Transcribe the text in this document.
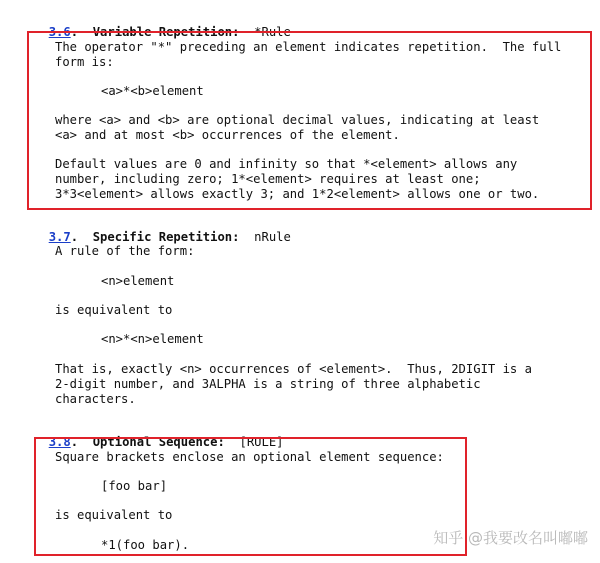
3.6.  Variable Repetition: *Rule

The operator "*" preceding an element indicates repetition.  The full
form is:
<a>*<b>element
where <a> and <b> are optional decimal values, indicating at least
<a> and at most <b> occurrences of the element.
Default values are 0 and infinity so that *<element> allows any
number, including zero; 1*<element> requires at least one;
3*3<element> allows exactly 3; and 1*2<element> allows one or two.

3.7.  Specific Repetition: nRule

A rule of the form:
<n>element
is equivalent to
<n>*<n>element
That is, exactly <n> occurrences of <element>.  Thus, 2DIGIT is a
2-digit number, and 3ALPHA is a string of three alphabetic
characters.

3.8.  Optional Sequence: [RULE]

Square brackets enclose an optional element sequence:
[foo bar]
is equivalent to
*1(foo bar).	知乎 @我要改名叫嘟嘟
